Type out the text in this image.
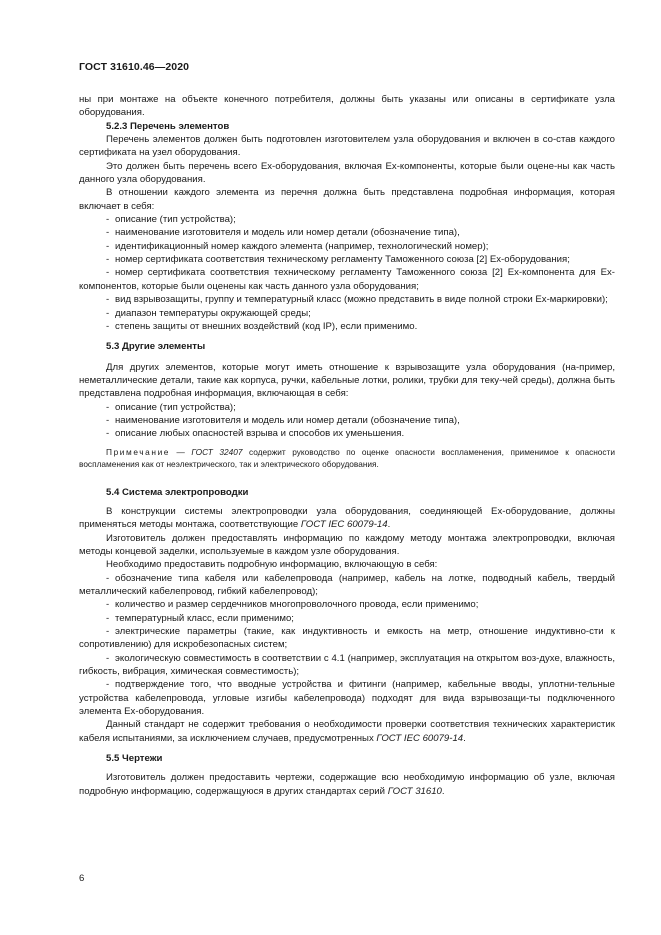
ГОСТ 31610.46—2020

ны при монтаже на объекте конечного потребителя, должны быть указаны или описаны в сертификате узла оборудования.

5.2.3 Перечень элементов

Перечень элементов должен быть подготовлен изготовителем узла оборудования и включен в со-став каждого сертификата на узел оборудования.

Это должен быть перечень всего Ех-оборудования, включая Ех-компоненты, которые были оцене-ны как часть данного узла оборудования.

В отношении каждого элемента из перечня должна быть представлена подробная информация, которая включает в себя:

- описание (тип устройства);

- наименование изготовителя и модель или номер детали (обозначение типа),

- идентификационный номер каждого элемента (например, технологический номер);

- номер сертификата соответствия техническому регламенту Таможенного союза [2] Ех-оборудования;

- номер сертификата соответствия техническому регламенту Таможенного союза [2] Ех-компонента для Ех-компонентов, которые были оценены как часть данного узла оборудования;

- вид взрывозащиты, группу и температурный класс (можно представить в виде полной строки Ех-маркировки);

- диапазон температуры окружающей среды;

- степень защиты от внешних воздействий (код IP), если применимо.

5.3 Другие элементы

Для других элементов, которые могут иметь отношение к взрывозащите узла оборудования (на-пример, неметаллические детали, такие как корпуса, ручки, кабельные лотки, ролики, трубки для теку-чей среды), должна быть представлена подробная информация, включающая в себя:

- описание (тип устройства);

- наименование изготовителя и модель или номер детали (обозначение типа),

- описание любых опасностей взрыва и способов их уменьшения.

Примечание — ГОСТ 32407 содержит руководство по оценке опасности воспламенения, применимое к опасности воспламенения как от неэлектрического, так и электрического оборудования.

5.4 Система электропроводки

В конструкции системы электропроводки узла оборудования, соединяющей Ех-оборудование, должны применяться методы монтажа, соответствующие ГОСТ IEC 60079-14.

Изготовитель должен предоставлять информацию по каждому методу монтажа электропроводки, включая методы концевой заделки, используемые в каждом узле оборудования.

Необходимо предоставить подробную информацию, включающую в себя:

- обозначение типа кабеля или кабелепровода (например, кабель на лотке, подводный кабель, твердый металлический кабелепровод, гибкий кабелепровод);

- количество и размер сердечников многопроволочного провода, если применимо;

- температурный класс, если применимо;

- электрические параметры (такие, как индуктивность и емкость на метр, отношение индуктивно-сти к сопротивлению) для искробезопасных систем;

- экологическую совместимость в соответствии с 4.1 (например, эксплуатация на открытом воз-духе, влажность, гибкость, вибрация, химическая совместимость);

- подтверждение того, что вводные устройства и фитинги (например, кабельные вводы, уплотни-тельные устройства кабелепровода, угловые изгибы кабелепровода) подходят для вида взрывозащи-ты подключенного элемента Ех-оборудования.

Данный стандарт не содержит требования о необходимости проверки соответствия технических характеристик кабеля испытаниями, за исключением случаев, предусмотренных ГОСТ IEC 60079-14.

5.5 Чертежи

Изготовитель должен предоставить чертежи, содержащие всю необходимую информацию об узле, включая подробную информацию, содержащуюся в других стандартах серий ГОСТ 31610.

6
